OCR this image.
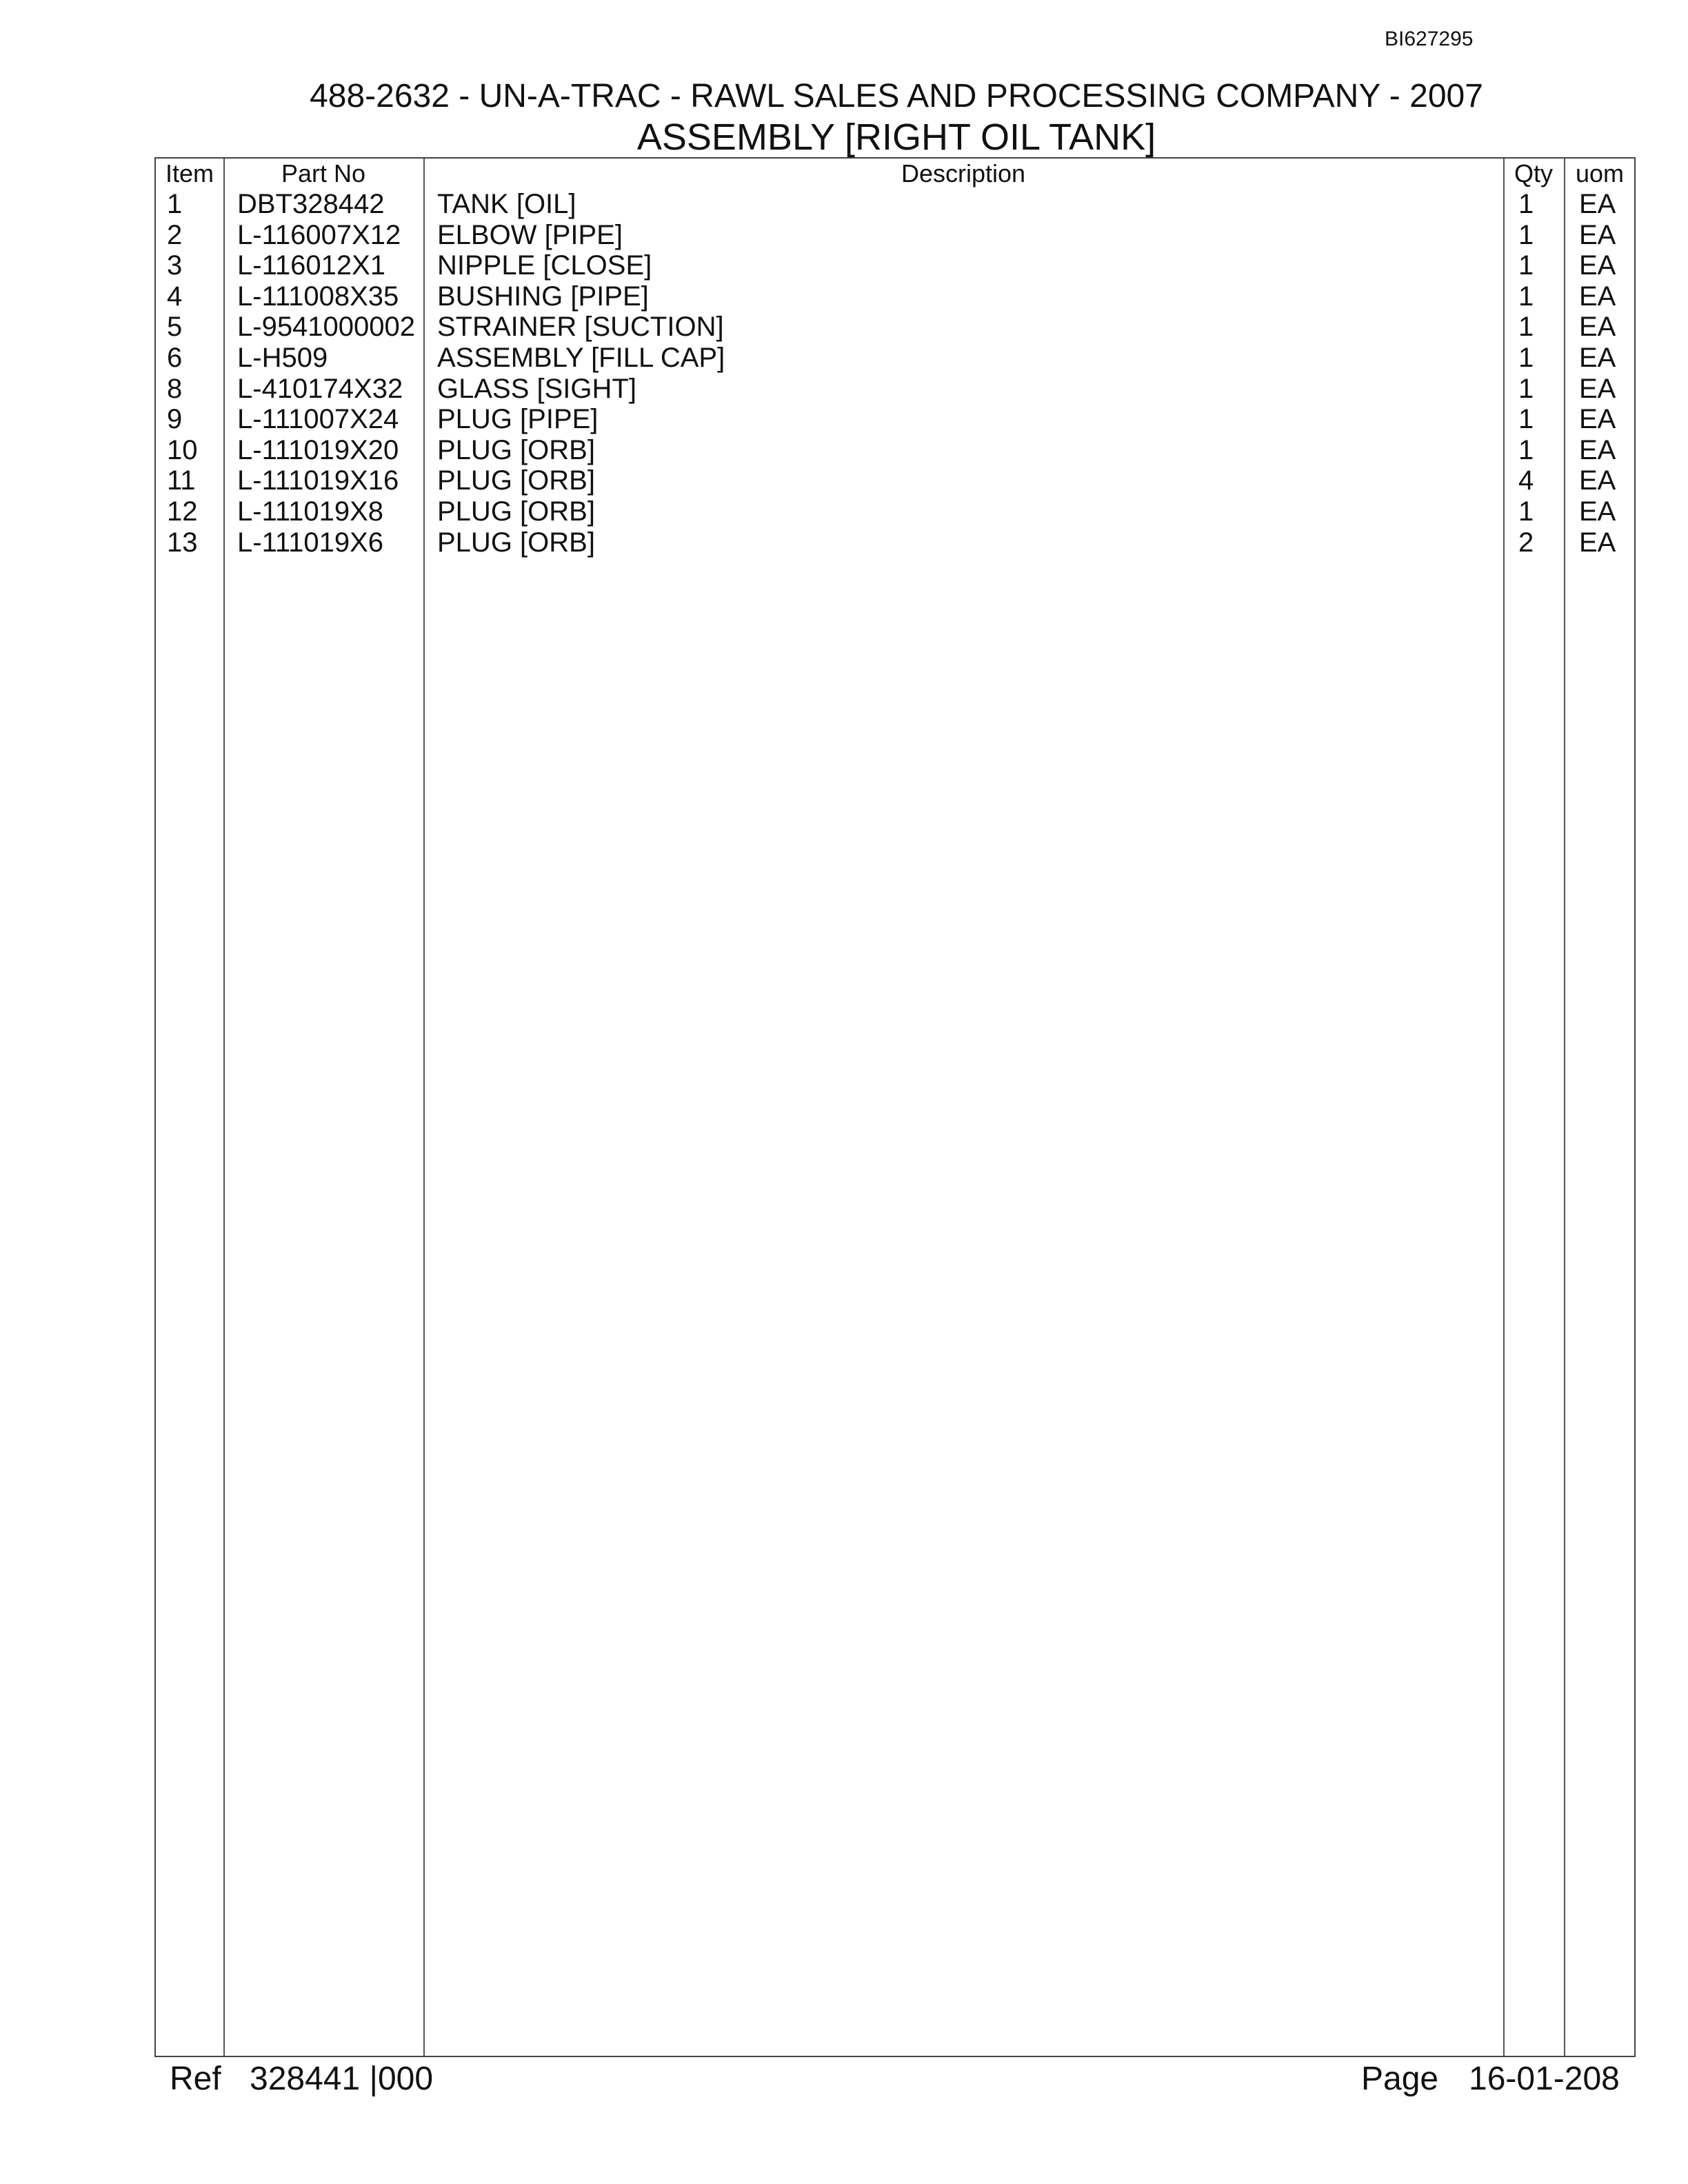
BI627295
488-2632 - UN-A-TRAC - RAWL SALES AND PROCESSING COMPANY - 2007
ASSEMBLY [RIGHT OIL TANK]
Item	Part No	Description	Qty uom
1 DBT328442 TANK [OIL]	1 EA
2 L-116007X12 ELBOW [PIPE]	1 EA
3 L-116012X1 NIPPLE [CLOSE]	1 EA
4 L-111008X35 BUSHING [PIPE]	1 EA
5 L-9541000002 STRAINER [SUCTION]	1 EA
6 L-H509	ASSEMBLY [FILL CAP]	1 EA
8 L-410174X32 GLASS [SIGHT]	1 EA
9 L-111007X24 PLUG [PIPE]	1 EA
10 L-111019X20 PLUG [ORB]	1 EA
11 L-111019X16 PLUG [ORB]	4 EA
12 L-111019X8 PLUG [ORB]	1 EA
13 L-111019X6 PLUG [ORB]	2 EA
Ref 328441 |000	Page 16-01-208
